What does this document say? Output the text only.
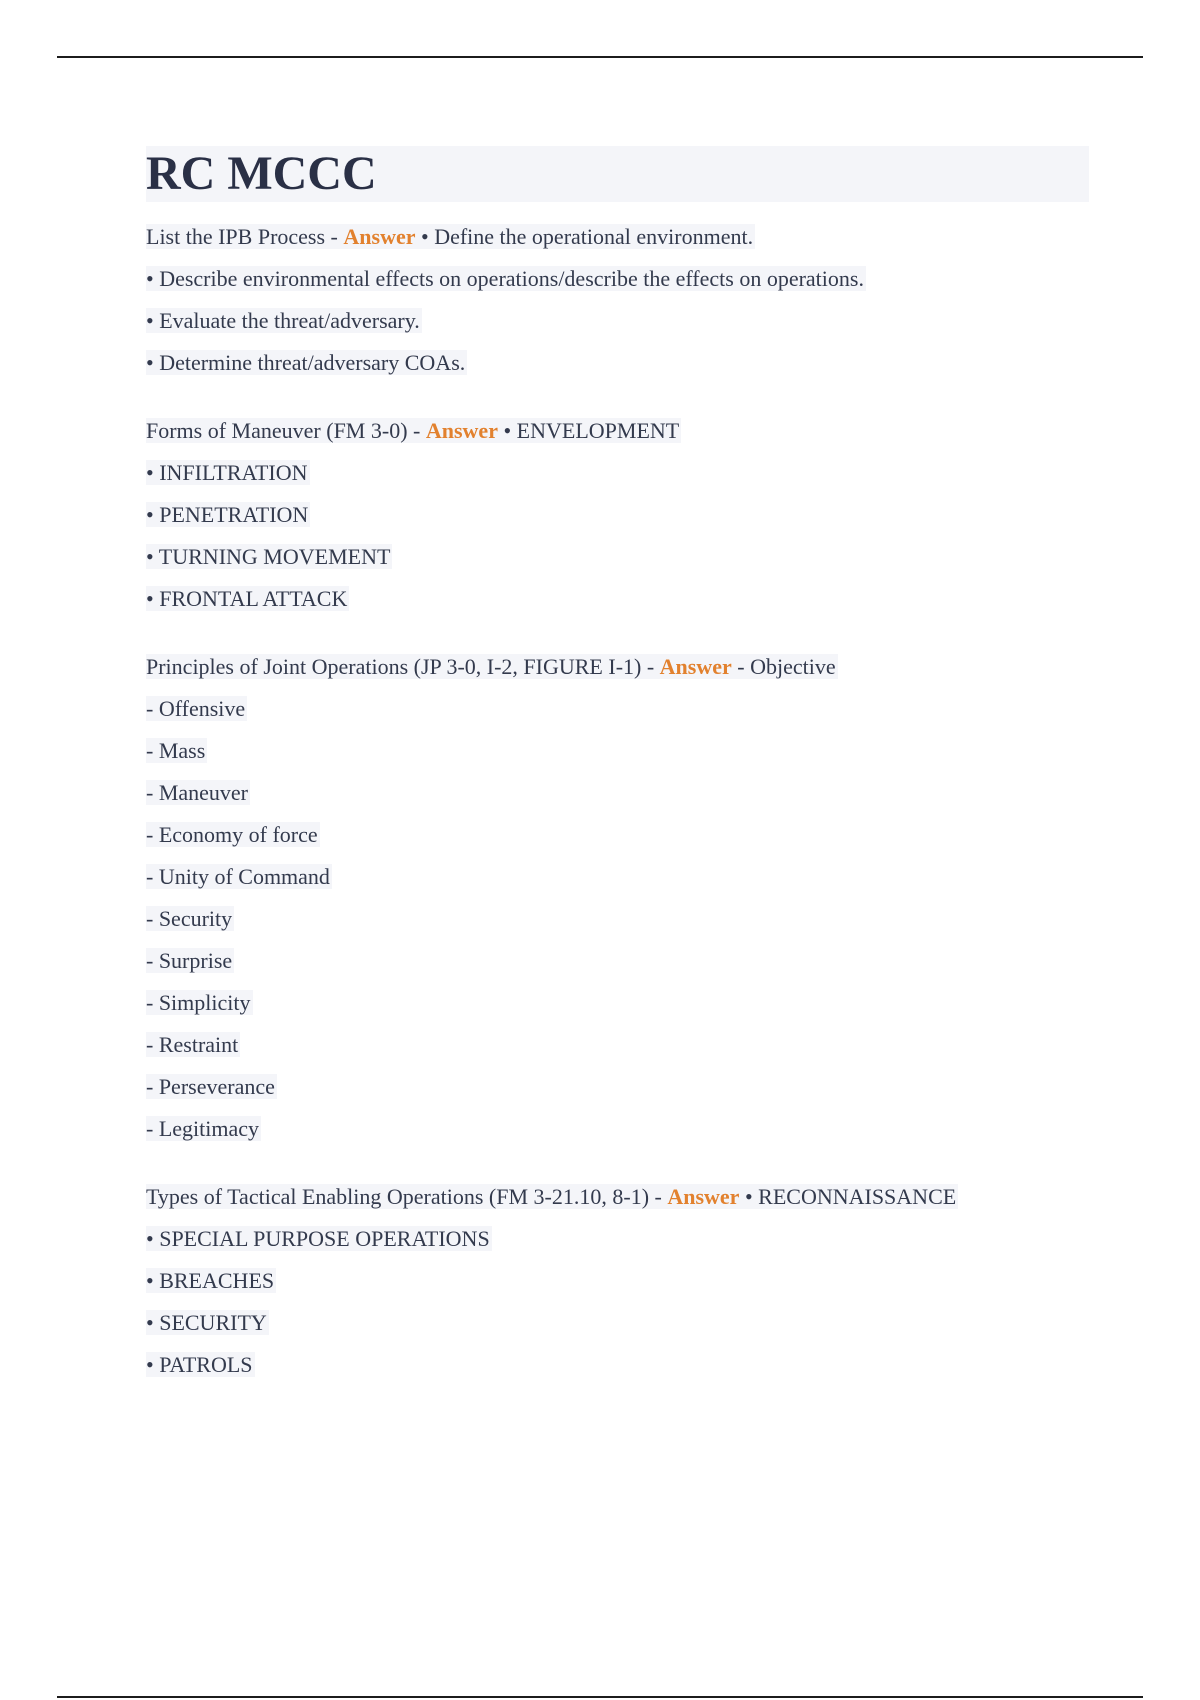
RC MCCC
List the IPB Process - Answer • Define the operational environment.
• Describe environmental effects on operations/describe the effects on operations.
• Evaluate the threat/adversary.
• Determine threat/adversary COAs.
Forms of Maneuver (FM 3-0) - Answer • ENVELOPMENT
• INFILTRATION
• PENETRATION
• TURNING MOVEMENT
• FRONTAL ATTACK
Principles of Joint Operations (JP 3-0, I-2, FIGURE I-1) - Answer - Objective
- Offensive
- Mass
- Maneuver
- Economy of force
- Unity of Command
- Security
- Surprise
- Simplicity
- Restraint
- Perseverance
- Legitimacy
Types of Tactical Enabling Operations (FM 3-21.10, 8-1) - Answer • RECONNAISSANCE
• SPECIAL PURPOSE OPERATIONS
• BREACHES
• SECURITY
• PATROLS
